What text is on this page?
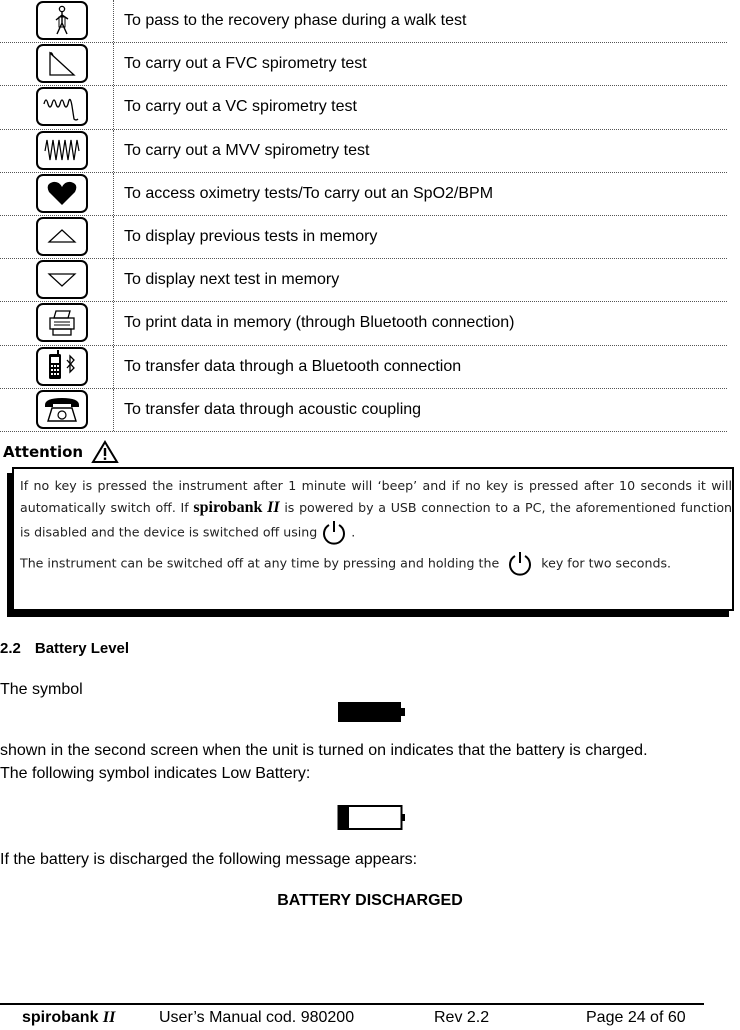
To pass to the recovery phase during a walk test
To carry out a FVC spirometry test
To carry out a VC spirometry test
To carry out a MVV spirometry test
To access oximetry tests/To carry out an SpO2/BPM
To display previous tests in memory
To display next test in memory
To print data in memory (through Bluetooth connection)
To transfer data through a Bluetooth connection
To transfer data through acoustic coupling
Attention

If no key is pressed the instrument after 1 minute will ‘beep’ and if no key is pressed after 10 seconds it will automatically switch off. If spirobank II is powered by a USB connection to a PC, the aforementioned function is disabled and the device is switched off using	.

The instrument can be switched off at any time by pressing and holding the	key for two seconds.

2.2 Battery Level
The symbol
shown in the second screen when the unit is turned on indicates that the battery is charged.
The following symbol indicates Low Battery:
If the battery is discharged the following message appears:
BATTERY DISCHARGED
spirobank II	User’s Manual cod. 980200	Rev 2.2	Page 24 of 60
